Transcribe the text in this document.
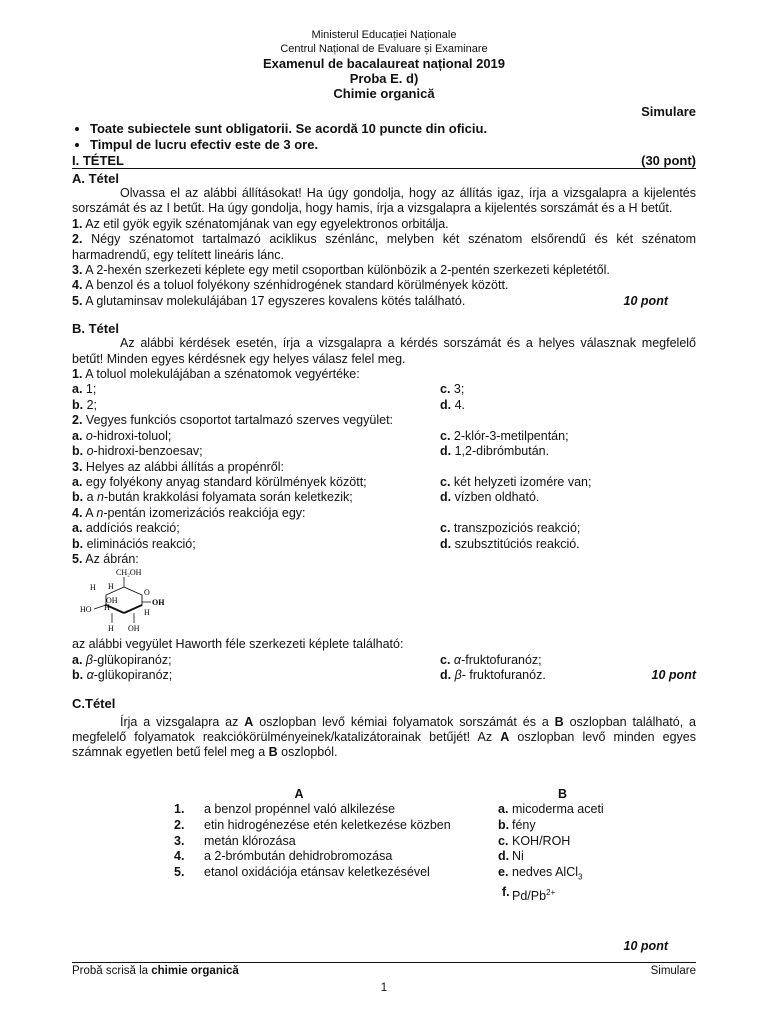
Ministerul Educației Naționale
Centrul Național de Evaluare și Examinare
Examenul de bacalaureat național 2019
Proba E. d)
Chimie organică
Simulare
• Toate subiectele sunt obligatorii. Se acordă 10 puncte din oficiu.
• Timpul de lucru efectiv este de 3 ore.
I. TÉTEL	(30 pont)
A. Tétel

Olvassa el az alábbi állításokat! Ha úgy gondolja, hogy az állítás igaz, írja a vizsgalapra a kijelentés sorszámát és az I betűt. Ha úgy gondolja, hogy hamis, írja a vizsgalapra a kijelentés sorszámát és a H betűt.

1. Az etil gyök egyik szénatomjának van egy egyelektronos orbitálja.
2. Négy szénatomot tartalmazó aciklikus szénlánc, melyben két szénatom elsőrendű és két szénatom harmadrendű, egy telített lineáris lánc.
3. A 2-hexén szerkezeti képlete egy metil csoportban különbözik a 2-pentén szerkezeti képletétől.
4. A benzol és a toluol folyékony szénhidrogének standard körülmények között.
5. A glutaminsav molekulájában 17 egyszeres kovalens kötés található.	10 pont
B. Tétel

Az alábbi kérdések esetén, írja a vizsgalapra a kérdés sorszámát és a helyes válasznak megfelelő betűt! Minden egyes kérdésnek egy helyes válasz felel meg.

1. A toluol molekulájában a szénatomok vegyértéke:
a. 1;	c. 3;
b. 2;	d. 4.
2. Vegyes funkciós csoportot tartalmazó szerves vegyület:
a. o-hidroxi-toluol;	c. 2-klór-3-metilpentán;
b. o-hidroxi-benzoesav;	d. 1,2-dibrómbután.
3. Helyes az alábbi állítás a propénről:
a. egy folyékony anyag standard körülmények között;	c. két helyzeti izomére van;
b. a n-bután krakkolási folyamata során keletkezik;	d. vízben oldható.
4. A n-pentán izomerizációs reakciója egy:
a. addíciós reakció;	c. transzpoziciós reakció;
b. eliminációs reakció;	d. szubsztitúciós reakció.
5. Az ábrán:
CH₂OH
O
H H
OH
H
OH
HO	H
H OH
az alábbi vegyület Haworth féle szerkezeti képlete található:
a. β-glükopiranóz;	c. α-fruktofuranóz;
b. α-glükopiranóz;	d. β- fruktofuranóz.	10 pont
C.Tétel

Írja a vizsgalapra az A oszlopban levő kémiai folyamatok sorszámát és a B oszlopban található, a megfelelő folyamatok reakciókörülményeinek/katalizátorainak betűjét! Az A oszlopban levő minden egyes számnak egyetlen betű felel meg a B oszlopból.

A			B	
1.	a benzol propénnel való alkilezése		a.	micoderma aceti
2.	etin hidrogénezése etén keletkezése közben		b.	fény
3.	metán klórozása		c.	KOH/ROH
4.	a 2-brómbután dehidrobromozása		d.	Ni
5.	etanol oxidációja etánsav keletkezésével		e.	nedves AlCl$_3$
			f.	$Pd/Pb^{2+}$
10 pont
Probă scrisă la chimie organică	Simulare
1
